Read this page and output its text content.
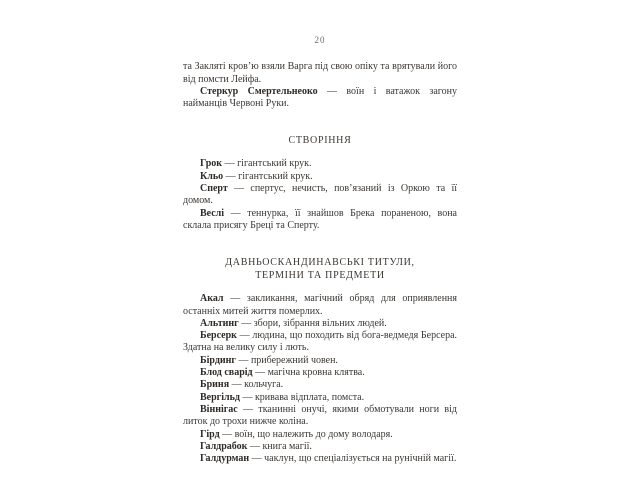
20

та Закляті кров’ю взяли Варга під свою опіку та врятували його від помсти Лейфа.

Стеркур Смертельнеоко — воїн і ватажок загону найманців Червоні Руки.

СТВОРІННЯ

Грок — гігантський крук.

Кльо — гігантський крук.

Сперт — спертус, нечисть, пов’язаний із Оркою та її домом.

Веслі — теннурка, її знайшов Брека пораненою, вона склала присягу Бреці та Сперту.

ДАВНЬОСКАНДИНАВСЬКІ ТИТУЛИ,
ТЕРМІНИ ТА ПРЕДМЕТИ

Акал — закликання, магічний обряд для оприявлення останніх митей життя померлих.

Альтинг — збори, зібрання вільних людей.

Берсерк — людина, що походить від бога-ведмедя Берсера. Здатна на велику силу і лють.

Бірдинг — прибережний човен.

Блод сварід — магічна кровна клятва.

Бриня — кольчуга.

Вергільд — кривава відплата, помста.

Віннігас — тканинні онучі, якими обмотували ноги від литок до трохи нижче коліна.

Гірд — воїн, що належить до дому володаря.

Галдрабок — книга магії.

Галдурман — чаклун, що спеціалізується на рунічній магії.
